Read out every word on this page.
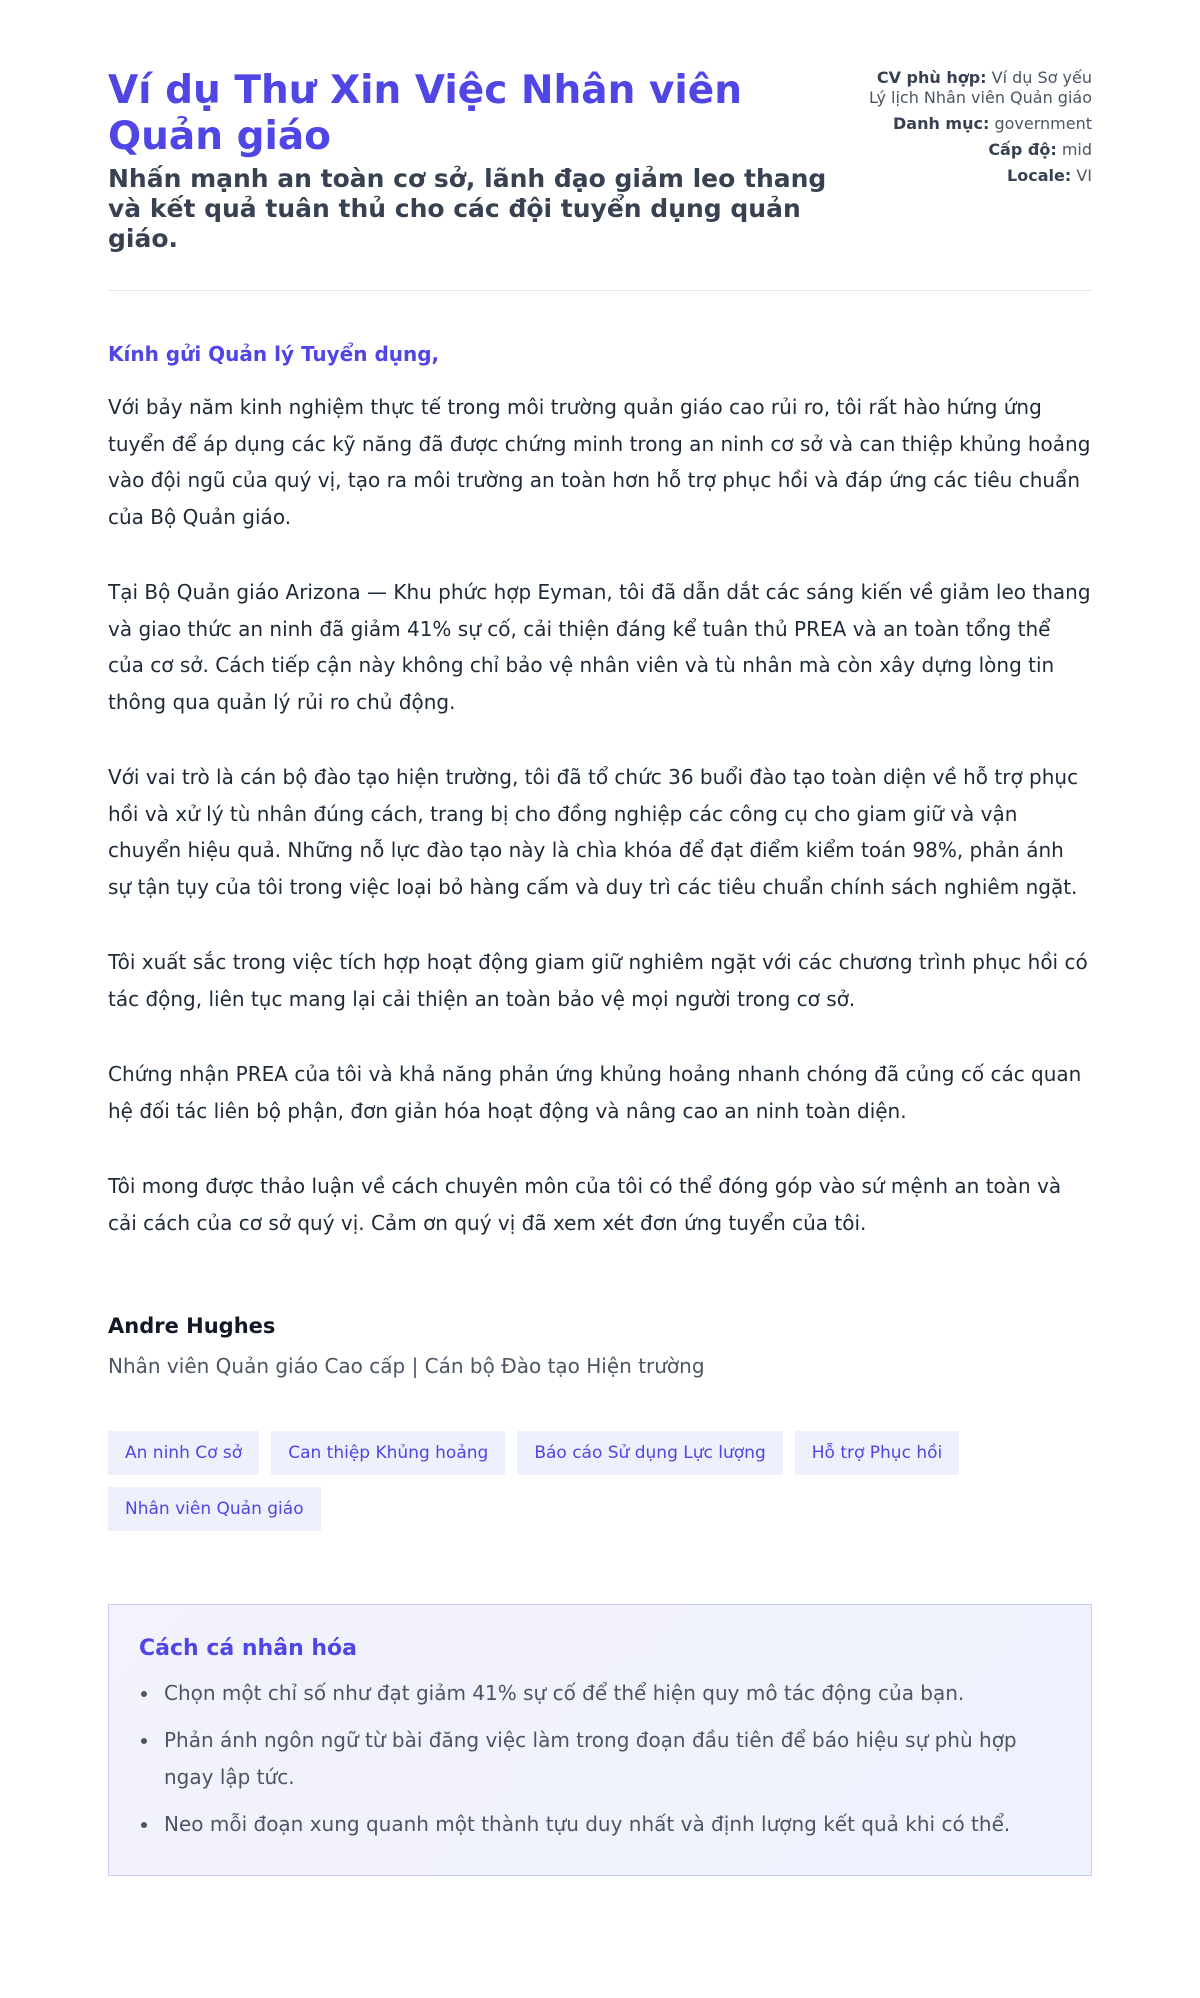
Ví dụ Thư Xin Việc Nhân viên Quản giáo
Nhấn mạnh an toàn cơ sở, lãnh đạo giảm leo thang và kết quả tuân thủ cho các đội tuyển dụng quản giáo.
CV phù hợp: Ví dụ Sơ yếu Lý lịch Nhân viên Quản giáo
Danh mục: government
Cấp độ: mid
Locale: VI

Kính gửi Quản lý Tuyển dụng,

Với bảy năm kinh nghiệm thực tế trong môi trường quản giáo cao rủi ro, tôi rất hào hứng ứng tuyển để áp dụng các kỹ năng đã được chứng minh trong an ninh cơ sở và can thiệp khủng hoảng vào đội ngũ của quý vị, tạo ra môi trường an toàn hơn hỗ trợ phục hồi và đáp ứng các tiêu chuẩn của Bộ Quản giáo.

Tại Bộ Quản giáo Arizona — Khu phức hợp Eyman, tôi đã dẫn dắt các sáng kiến về giảm leo thang và giao thức an ninh đã giảm 41% sự cố, cải thiện đáng kể tuân thủ PREA và an toàn tổng thể của cơ sở. Cách tiếp cận này không chỉ bảo vệ nhân viên và tù nhân mà còn xây dựng lòng tin thông qua quản lý rủi ro chủ động.

Với vai trò là cán bộ đào tạo hiện trường, tôi đã tổ chức 36 buổi đào tạo toàn diện về hỗ trợ phục hồi và xử lý tù nhân đúng cách, trang bị cho đồng nghiệp các công cụ cho giam giữ và vận chuyển hiệu quả. Những nỗ lực đào tạo này là chìa khóa để đạt điểm kiểm toán 98%, phản ánh sự tận tụy của tôi trong việc loại bỏ hàng cấm và duy trì các tiêu chuẩn chính sách nghiêm ngặt.

Tôi xuất sắc trong việc tích hợp hoạt động giam giữ nghiêm ngặt với các chương trình phục hồi có tác động, liên tục mang lại cải thiện an toàn bảo vệ mọi người trong cơ sở.

Chứng nhận PREA của tôi và khả năng phản ứng khủng hoảng nhanh chóng đã củng cố các quan hệ đối tác liên bộ phận, đơn giản hóa hoạt động và nâng cao an ninh toàn diện.

Tôi mong được thảo luận về cách chuyên môn của tôi có thể đóng góp vào sứ mệnh an toàn và cải cách của cơ sở quý vị. Cảm ơn quý vị đã xem xét đơn ứng tuyển của tôi.

Andre Hughes
Nhân viên Quản giáo Cao cấp | Cán bộ Đào tạo Hiện trường
An ninh Cơ sở	Can thiệp Khủng hoảng	Báo cáo Sử dụng Lực lượng	Hỗ trợ Phục hồi
Nhân viên Quản giáo
Cách cá nhân hóa
Chọn một chỉ số như đạt giảm 41% sự cố để thể hiện quy mô tác động của bạn.
Phản ánh ngôn ngữ từ bài đăng việc làm trong đoạn đầu tiên để báo hiệu sự phù hợp ngay lập tức.
Neo mỗi đoạn xung quanh một thành tựu duy nhất và định lượng kết quả khi có thể.
